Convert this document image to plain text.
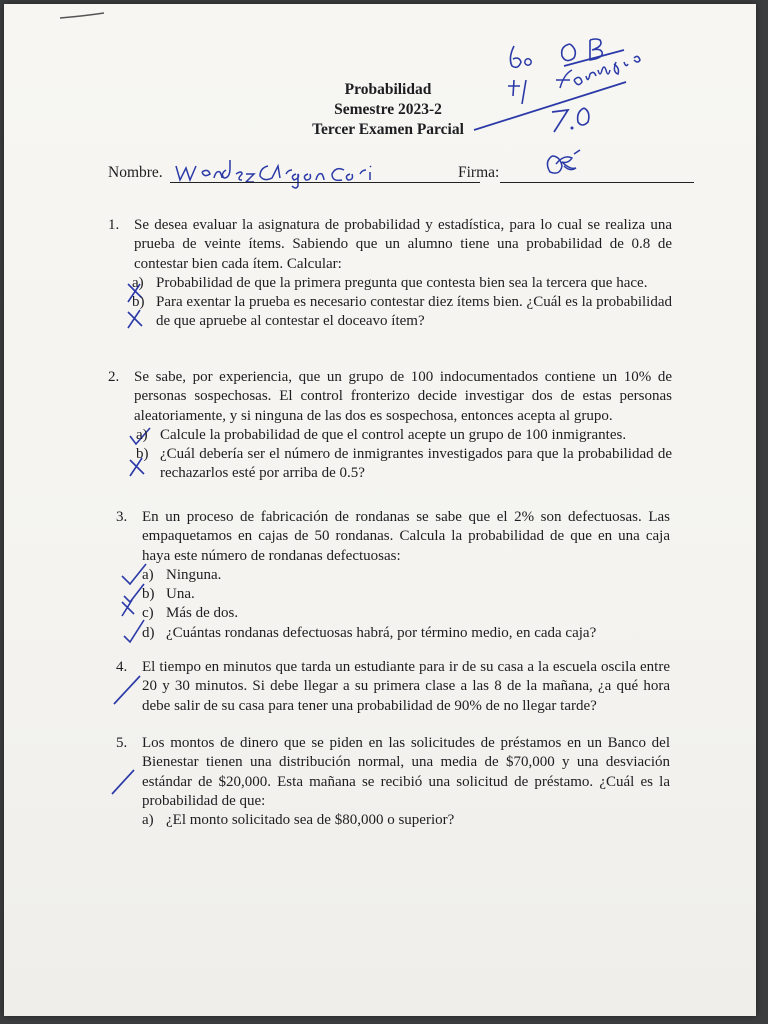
Probabilidad
Semestre 2023-2
Tercer Examen Parcial
Nombre.	Firma:
1. Se desea evaluar la asignatura de probabilidad y estadística, para lo cual se realiza una prueba de veinte ítems. Sabiendo que un alumno tiene una probabilidad de 0.8 de contestar bien cada ítem. Calcular:
a) Probabilidad de que la primera pregunta que contesta bien sea la tercera que hace.
b) Para exentar la prueba es necesario contestar diez ítems bien. ¿Cuál es la probabilidad de que apruebe al contestar el doceavo ítem?
2. Se sabe, por experiencia, que un grupo de 100 indocumentados contiene un 10% de personas sospechosas. El control fronterizo decide investigar dos de estas personas aleatoriamente, y si ninguna de las dos es sospechosa, entonces acepta al grupo.
a) Calcule la probabilidad de que el control acepte un grupo de 100 inmigrantes.
b) ¿Cuál debería ser el número de inmigrantes investigados para que la probabilidad de rechazarlos esté por arriba de 0.5?
3. En un proceso de fabricación de rondanas se sabe que el 2% son defectuosas. Las empaquetamos en cajas de 50 rondanas. Calcula la probabilidad de que en una caja haya este número de rondanas defectuosas:
a) Ninguna.
b) Una.
c) Más de dos.
d) ¿Cuántas rondanas defectuosas habrá, por término medio, en cada caja?
4. El tiempo en minutos que tarda un estudiante para ir de su casa a la escuela oscila entre 20 y 30 minutos. Si debe llegar a su primera clase a las 8 de la mañana, ¿a qué hora debe salir de su casa para tener una probabilidad de 90% de no llegar tarde?
5. Los montos de dinero que se piden en las solicitudes de préstamos en un Banco del Bienestar tienen una distribución normal, una media de $70,000 y una desviación estándar de $20,000. Esta mañana se recibió una solicitud de préstamo. ¿Cuál es la probabilidad de que:
a) ¿El monto solicitado sea de $80,000 o superior?
